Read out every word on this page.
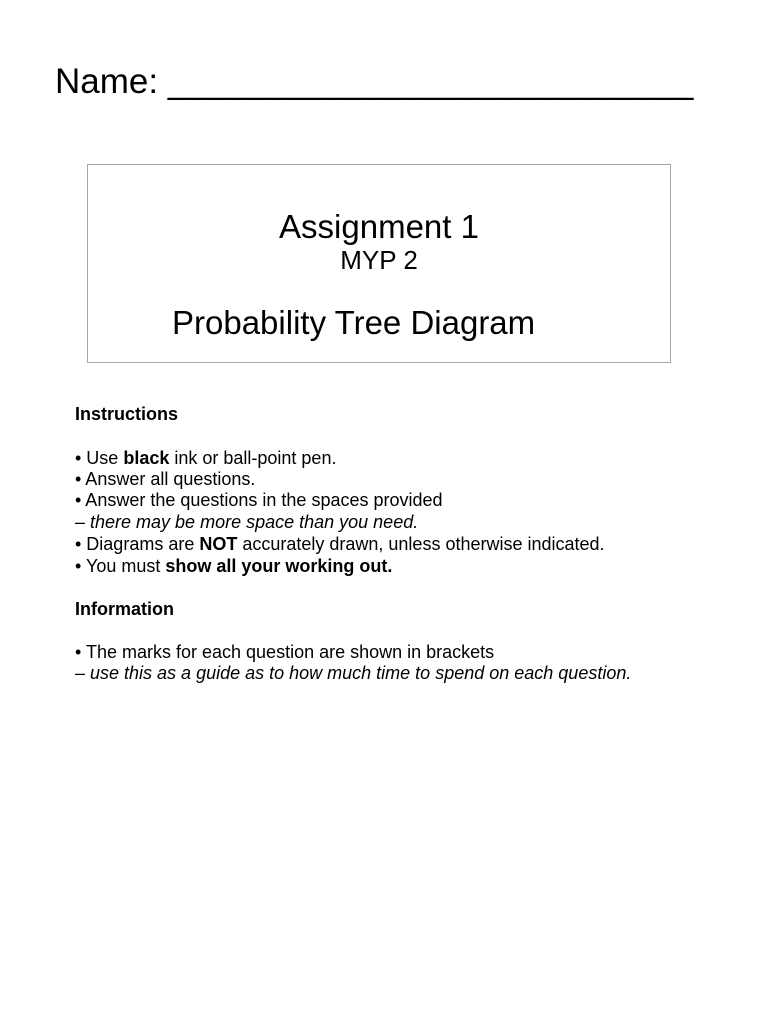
Name: ___________________________
Assignment 1
MYP 2
Probability Tree Diagram
Instructions
• Use black ink or ball-point pen.
• Answer all questions.
• Answer the questions in the spaces provided
– there may be more space than you need.
• Diagrams are NOT accurately drawn, unless otherwise indicated.
• You must show all your working out.
Information
• The marks for each question are shown in brackets
– use this as a guide as to how much time to spend on each question.
